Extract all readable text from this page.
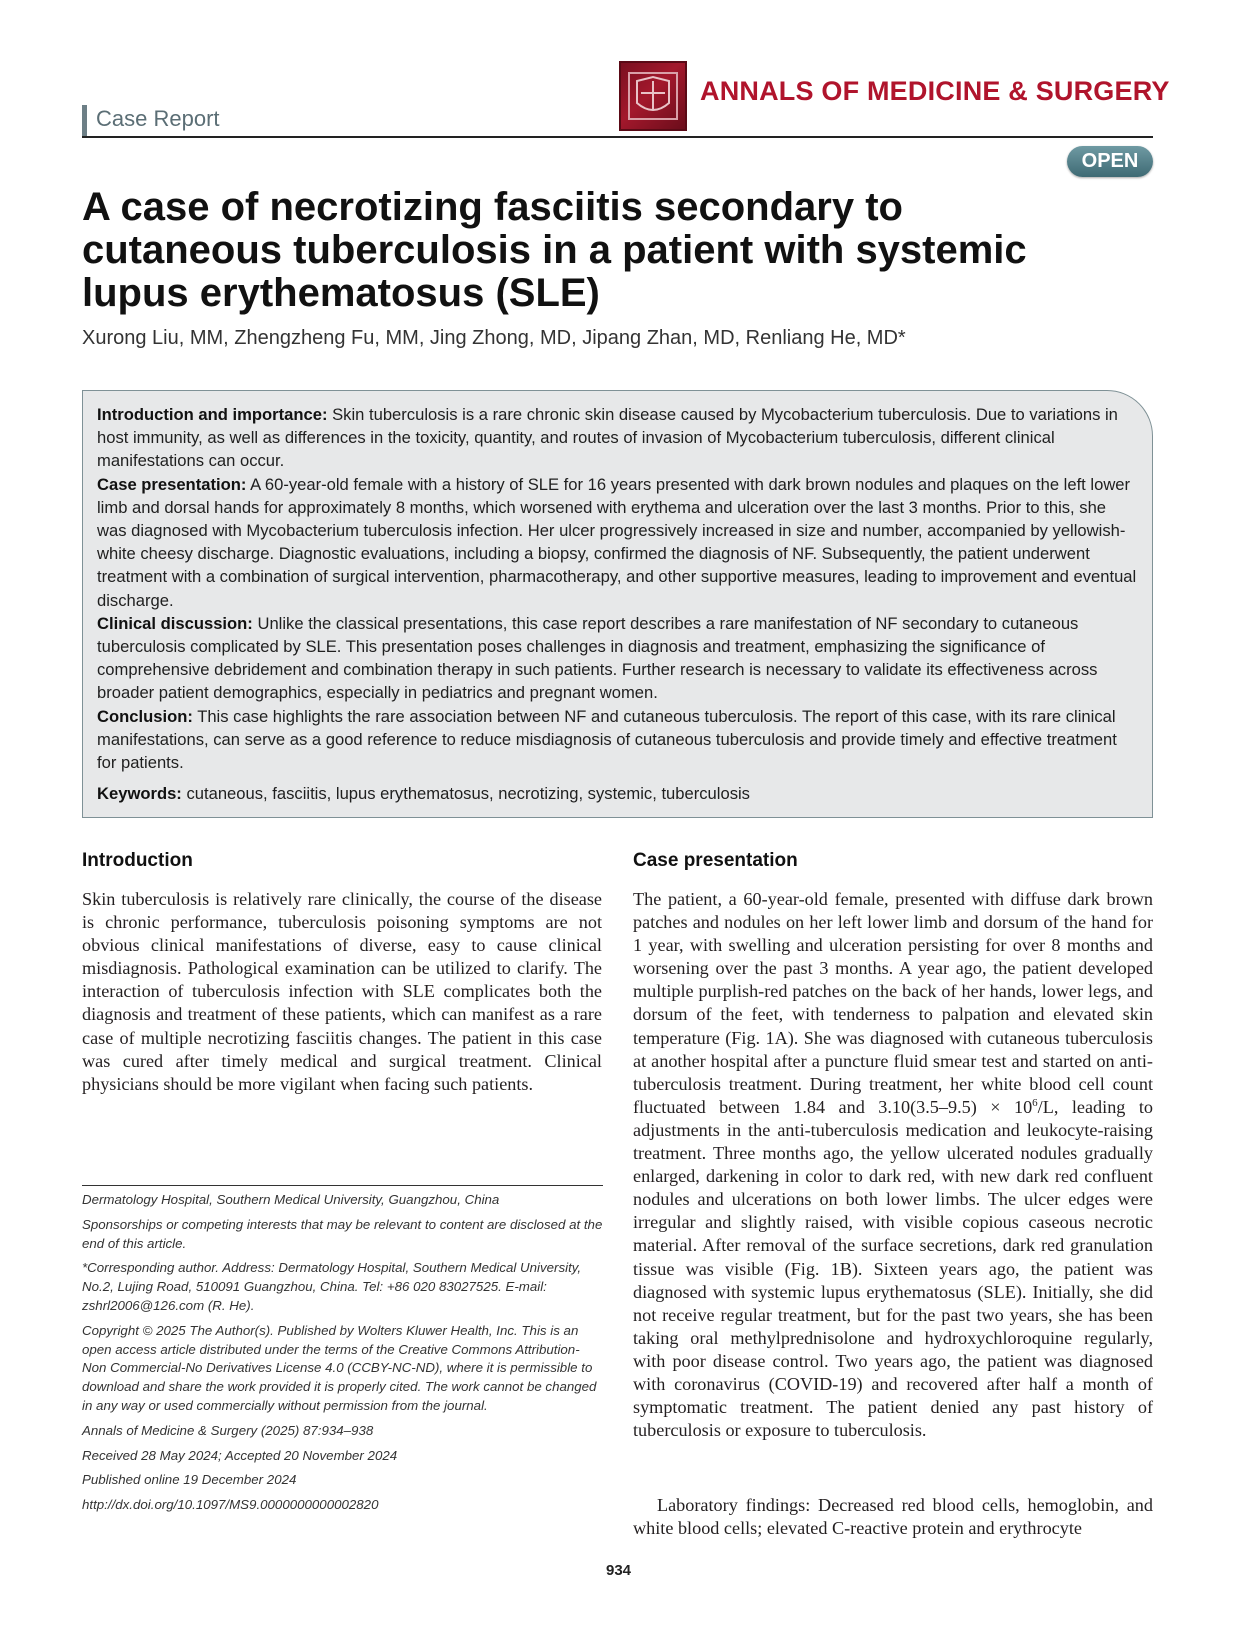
ANNALS OF MEDICINE & SURGERY
Case Report
OPEN
A case of necrotizing fasciitis secondary to cutaneous tuberculosis in a patient with systemic lupus erythematosus (SLE)
Xurong Liu, MM, Zhengzheng Fu, MM, Jing Zhong, MD, Jipang Zhan, MD, Renliang He, MD*

Introduction and importance: Skin tuberculosis is a rare chronic skin disease caused by Mycobacterium tuberculosis. Due to variations in host immunity, as well as differences in the toxicity, quantity, and routes of invasion of Mycobacterium tuberculosis, different clinical manifestations can occur.

Case presentation: A 60-year-old female with a history of SLE for 16 years presented with dark brown nodules and plaques on the left lower limb and dorsal hands for approximately 8 months, which worsened with erythema and ulceration over the last 3 months. Prior to this, she was diagnosed with Mycobacterium tuberculosis infection. Her ulcer progressively increased in size and number, accompanied by yellowish-white cheesy discharge. Diagnostic evaluations, including a biopsy, confirmed the diagnosis of NF. Subsequently, the patient underwent treatment with a combination of surgical intervention, pharmacotherapy, and other supportive measures, leading to improvement and eventual discharge.

Clinical discussion: Unlike the classical presentations, this case report describes a rare manifestation of NF secondary to cutaneous tuberculosis complicated by SLE. This presentation poses challenges in diagnosis and treatment, emphasizing the significance of comprehensive debridement and combination therapy in such patients. Further research is necessary to validate its effectiveness across broader patient demographics, especially in pediatrics and pregnant women.

Conclusion: This case highlights the rare association between NF and cutaneous tuberculosis. The report of this case, with its rare clinical manifestations, can serve as a good reference to reduce misdiagnosis of cutaneous tuberculosis and provide timely and effective treatment for patients.

Keywords: cutaneous, fasciitis, lupus erythematosus, necrotizing, systemic, tuberculosis

Introduction

Skin tuberculosis is relatively rare clinically, the course of the disease is chronic performance, tuberculosis poisoning symptoms are not obvious clinical manifestations of diverse, easy to cause clinical misdiagnosis. Pathological examination can be utilized to clarify. The interaction of tuberculosis infection with SLE complicates both the diagnosis and treatment of these patients, which can manifest as a rare case of multiple necrotizing fasciitis changes. The patient in this case was cured after timely medical and surgical treatment. Clinical physicians should be more vigilant when facing such patients.

Dermatology Hospital, Southern Medical University, Guangzhou, China

Sponsorships or competing interests that may be relevant to content are disclosed at the end of this article.

*Corresponding author. Address: Dermatology Hospital, Southern Medical University, No.2, Lujing Road, 510091 Guangzhou, China. Tel: +86 020 83027525. E-mail: zshrl2006@126.com (R. He).

Copyright © 2025 The Author(s). Published by Wolters Kluwer Health, Inc. This is an open access article distributed under the terms of the Creative Commons Attribution-Non Commercial-No Derivatives License 4.0 (CCBY-NC-ND), where it is permissible to download and share the work provided it is properly cited. The work cannot be changed in any way or used commercially without permission from the journal.

Annals of Medicine & Surgery (2025) 87:934–938

Received 28 May 2024; Accepted 20 November 2024

Published online 19 December 2024

http://dx.doi.org/10.1097/MS9.0000000000002820

Case presentation

The patient, a 60-year-old female, presented with diffuse dark brown patches and nodules on her left lower limb and dorsum of the hand for 1 year, with swelling and ulceration persisting for over 8 months and worsening over the past 3 months. A year ago, the patient developed multiple purplish-red patches on the back of her hands, lower legs, and dorsum of the feet, with tenderness to palpation and elevated skin temperature (Fig. 1A). She was diagnosed with cutaneous tuberculosis at another hospital after a puncture fluid smear test and started on anti-tuberculosis treatment. During treatment, her white blood cell count fluctuated between 1.84 and $3.10(3.5-9.5) \times 10^6/L$, leading to adjustments in the anti-tuberculosis medication and leukocyte-raising treatment. Three months ago, the yellow ulcerated nodules gradually enlarged, darkening in color to dark red, with new dark red confluent nodules and ulcerations on both lower limbs. The ulcer edges were irregular and slightly raised, with visible copious caseous necrotic material. After removal of the surface secretions, dark red granulation tissue was visible (Fig. 1B). Sixteen years ago, the patient was diagnosed with systemic lupus erythematosus (SLE). Initially, she did not receive regular treatment, but for the past two years, she has been taking oral methylprednisolone and hydroxychloroquine regularly, with poor disease control. Two years ago, the patient was diagnosed with coronavirus (COVID-19) and recovered after half a month of symptomatic treatment. The patient denied any past history of tuberculosis or exposure to tuberculosis.

Laboratory findings: Decreased red blood cells, hemoglobin, and white blood cells; elevated C-reactive protein and erythrocyte

934
